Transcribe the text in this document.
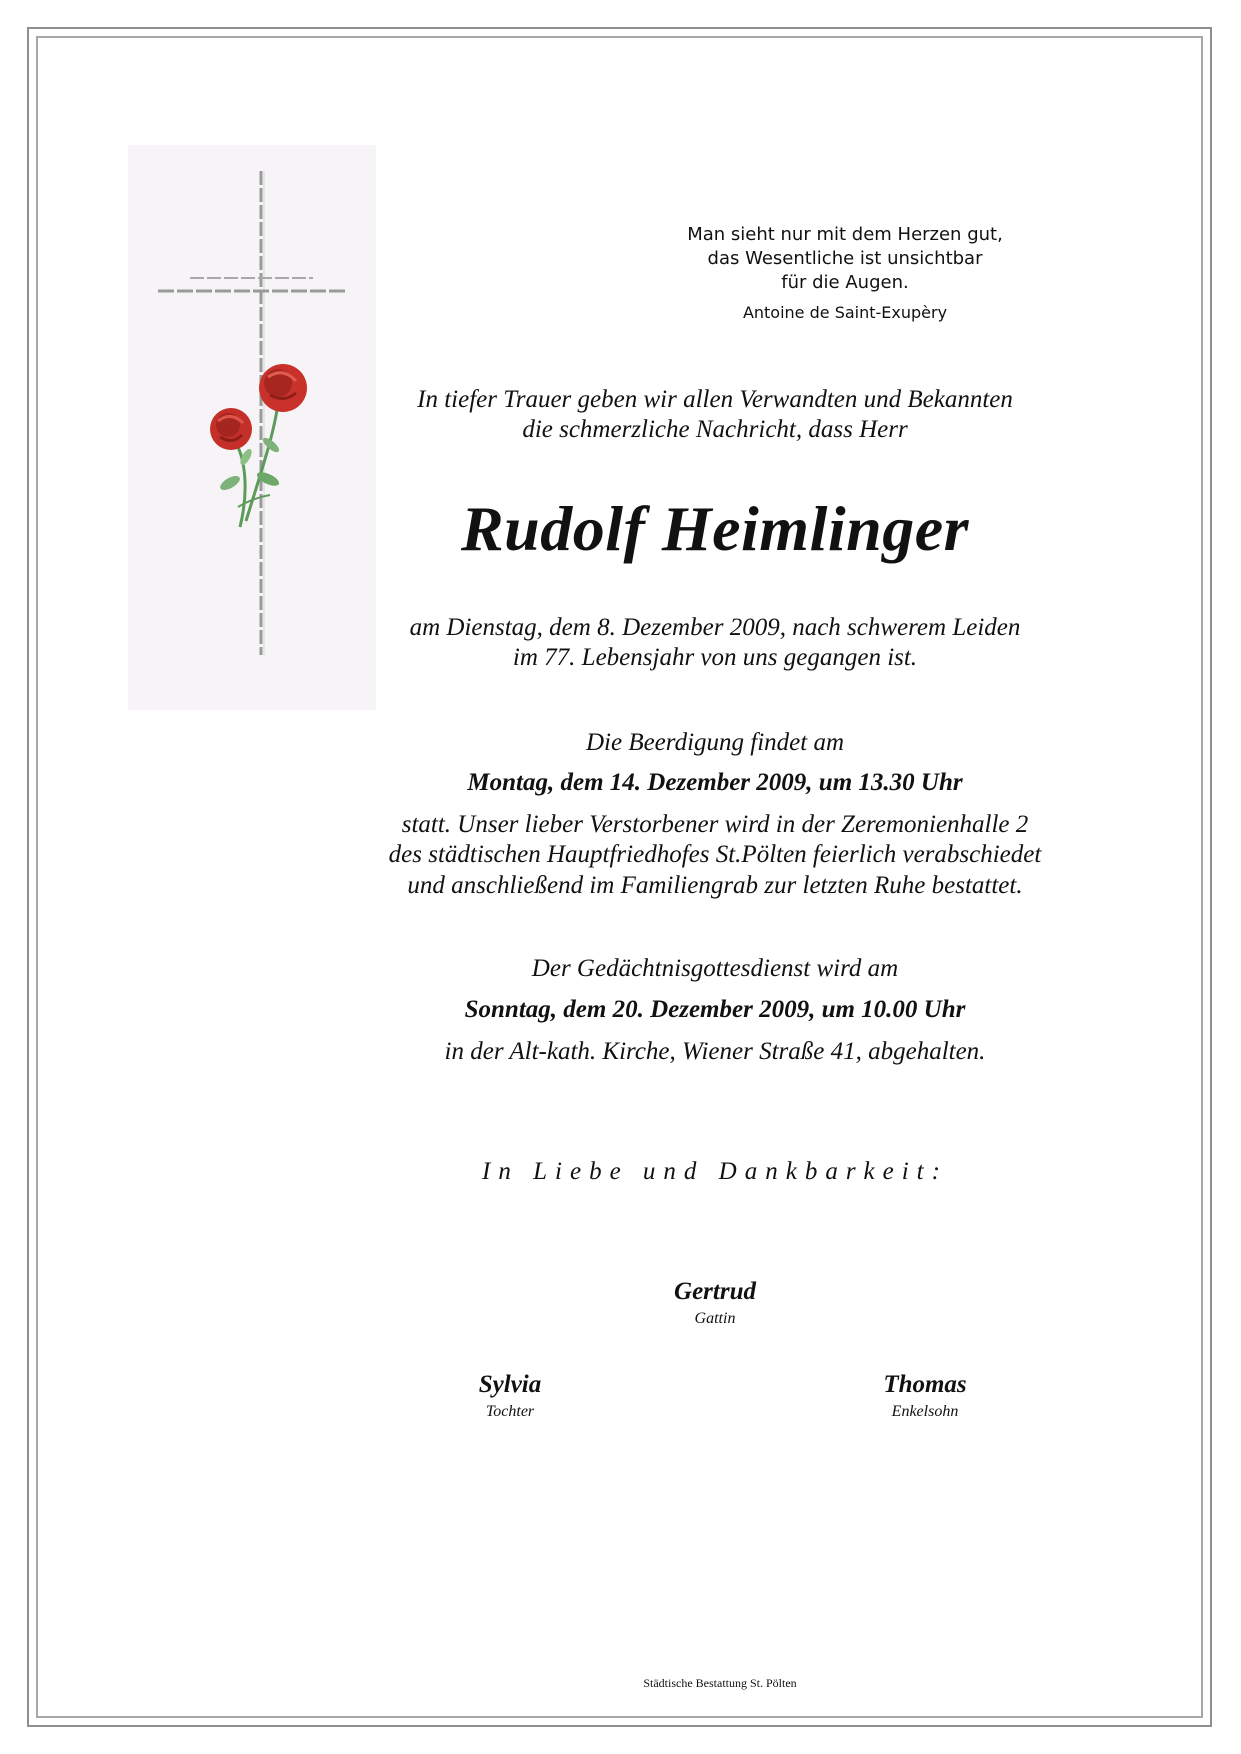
Man sieht nur mit dem Herzen gut,
das Wesentliche ist unsichtbar
für die Augen.
Antoine de Saint-Exupèry
In tiefer Trauer geben wir allen Verwandten und Bekannten
die schmerzliche Nachricht, dass Herr
Rudolf Heimlinger
am Dienstag, dem 8. Dezember 2009, nach schwerem Leiden
im 77. Lebensjahr von uns gegangen ist.
Die Beerdigung findet am
Montag, dem 14. Dezember 2009, um 13.30 Uhr
statt. Unser lieber Verstorbener wird in der Zeremonienhalle 2
des städtischen Hauptfriedhofes St.Pölten feierlich verabschiedet
und anschließend im Familiengrab zur letzten Ruhe bestattet.
Der Gedächtnisgottesdienst wird am
Sonntag, dem 20. Dezember 2009, um 10.00 Uhr
in der Alt-kath. Kirche, Wiener Straße 41, abgehalten.
In Liebe und Dankbarkeit:
Gertrud
Gattin
Sylvia
Tochter
Thomas
Enkelsohn
Städtische Bestattung St. Pölten
